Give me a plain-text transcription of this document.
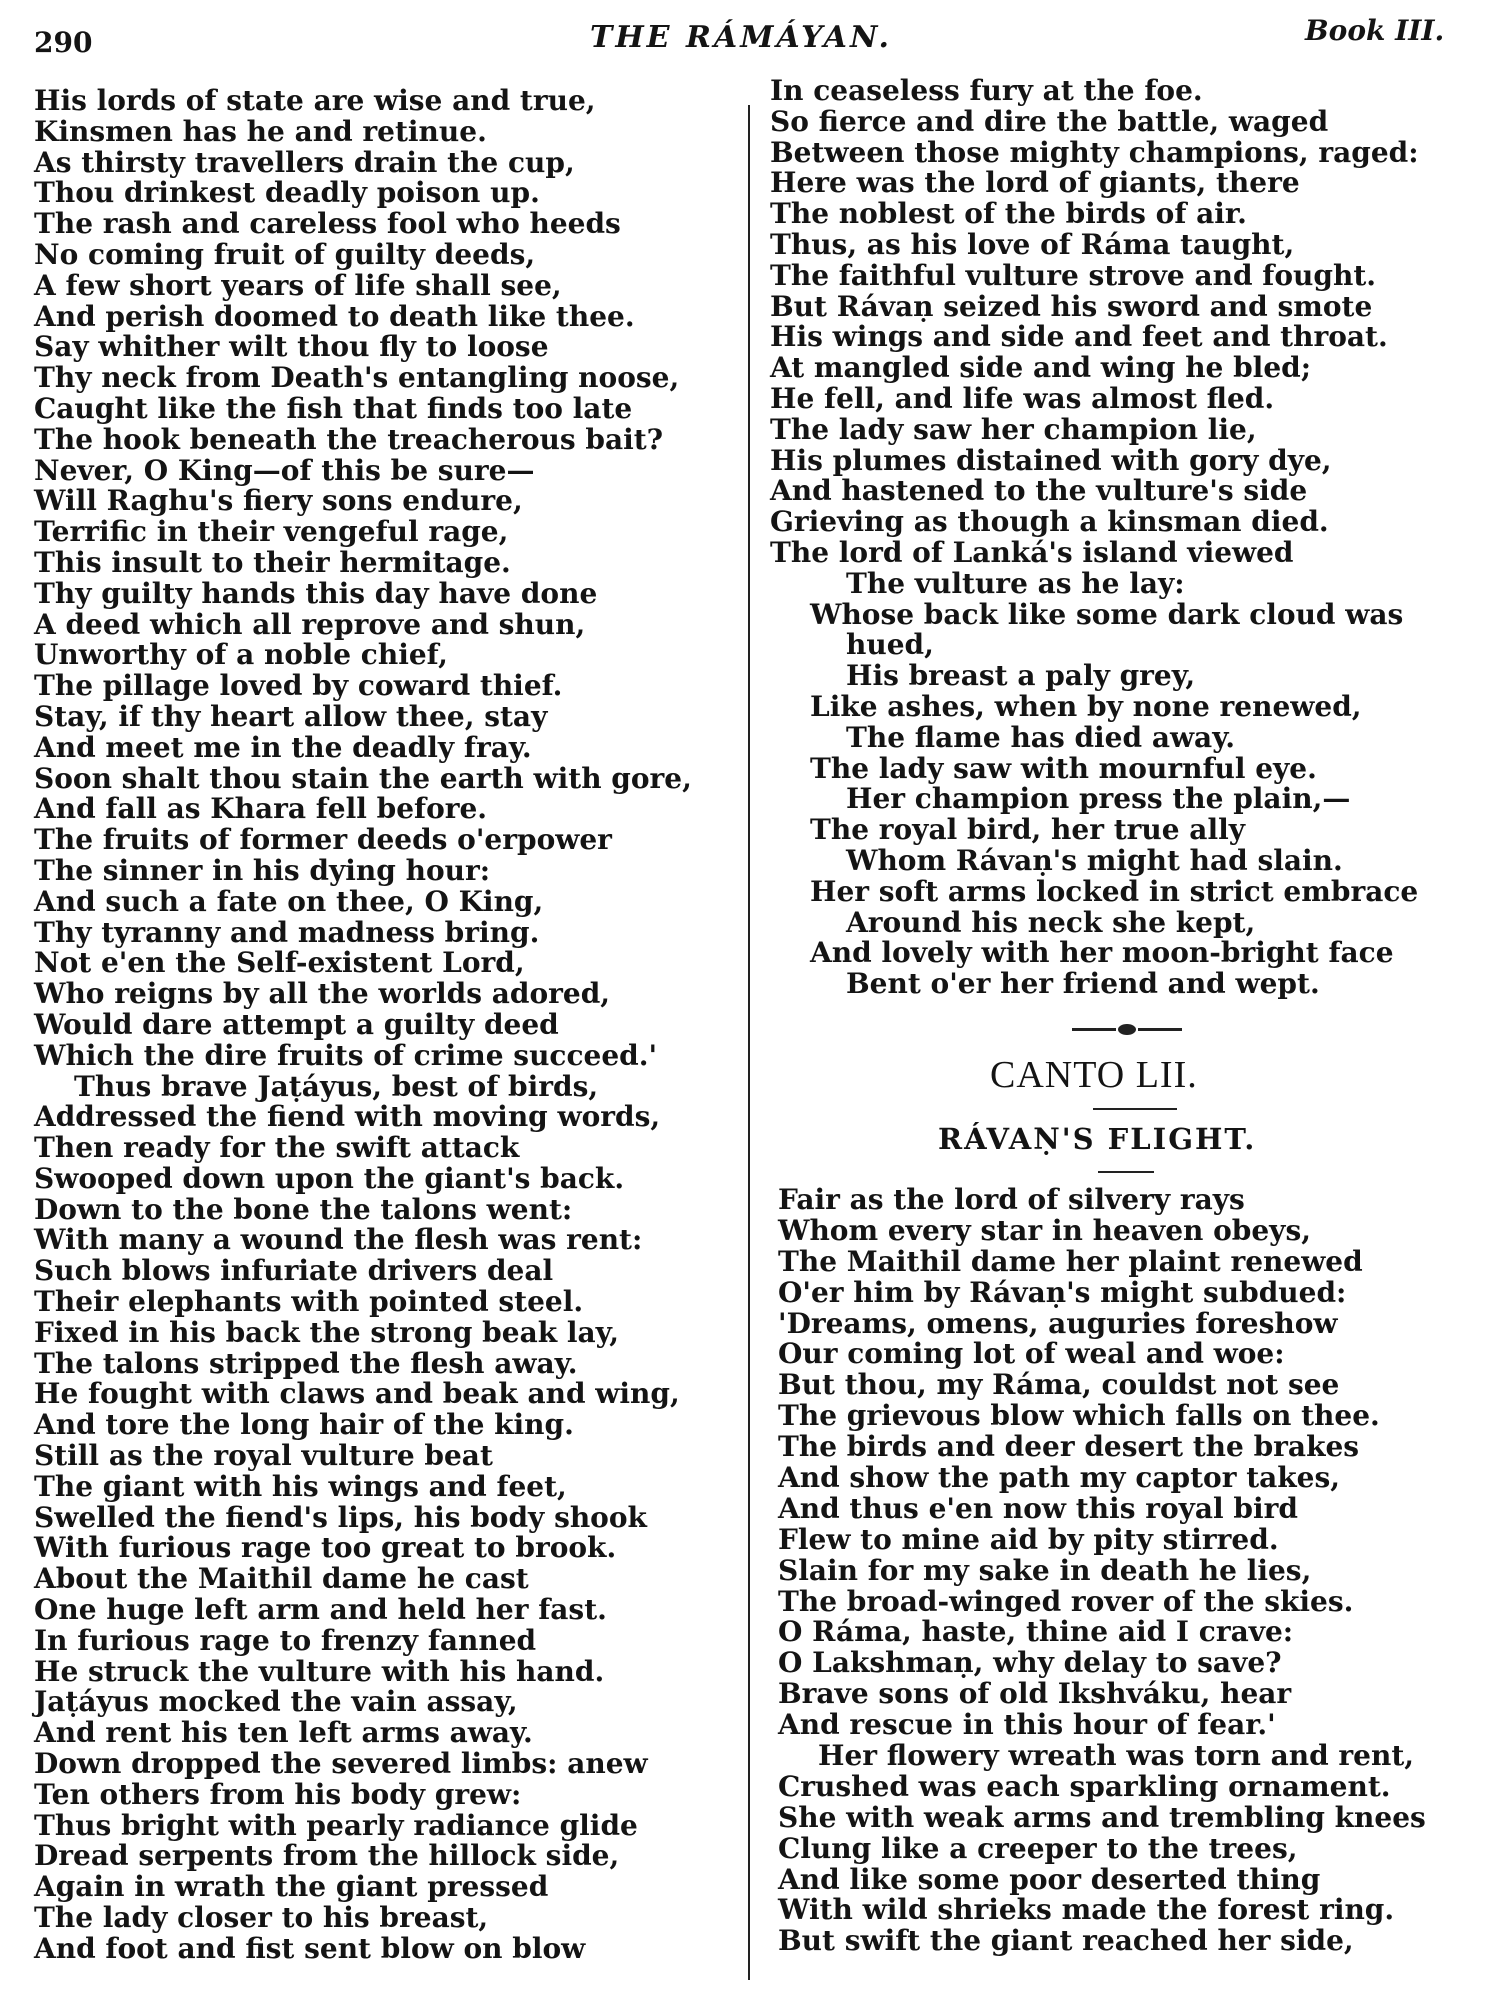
290	THE RÁMÁYAN.	Book III.
His lords of state are wise and true,
Kinsmen has he and retinue.
As thirsty travellers drain the cup,
Thou drinkest deadly poison up.
The rash and careless fool who heeds
No coming fruit of guilty deeds,
A few short years of life shall see,
And perish doomed to death like thee.
Say whither wilt thou fly to loose
Thy neck from Death's entangling noose,
Caught like the fish that finds too late
The hook beneath the treacherous bait?
Never, O King—of this be sure—
Will Raghu's fiery sons endure,
Terrific in their vengeful rage,
This insult to their hermitage.
Thy guilty hands this day have done
A deed which all reprove and shun,
Unworthy of a noble chief,
The pillage loved by coward thief.
Stay, if thy heart allow thee, stay
And meet me in the deadly fray.
Soon shalt thou stain the earth with gore,
And fall as Khara fell before.
The fruits of former deeds o'erpower
The sinner in his dying hour:
And such a fate on thee, O King,
Thy tyranny and madness bring.
Not e'en the Self-existent Lord,
Who reigns by all the worlds adored,
Would dare attempt a guilty deed
Which the dire fruits of crime succeed.'
Thus brave Jaṭáyus, best of birds,
Addressed the fiend with moving words,
Then ready for the swift attack
Swooped down upon the giant's back.
Down to the bone the talons went:
With many a wound the flesh was rent:
Such blows infuriate drivers deal
Their elephants with pointed steel.
Fixed in his back the strong beak lay,
The talons stripped the flesh away.
He fought with claws and beak and wing,
And tore the long hair of the king.
Still as the royal vulture beat
The giant with his wings and feet,
Swelled the fiend's lips, his body shook
With furious rage too great to brook.
About the Maithil dame he cast
One huge left arm and held her fast.
In furious rage to frenzy fanned
He struck the vulture with his hand.
Jaṭáyus mocked the vain assay,
And rent his ten left arms away.
Down dropped the severed limbs: anew
Ten others from his body grew:
Thus bright with pearly radiance glide
Dread serpents from the hillock side,
Again in wrath the giant pressed
The lady closer to his breast,
And foot and fist sent blow on blow
In ceaseless fury at the foe.
So fierce and dire the battle, waged
Between those mighty champions, raged:
Here was the lord of giants, there
The noblest of the birds of air.
Thus, as his love of Ráma taught,
The faithful vulture strove and fought.
But Rávaṇ seized his sword and smote
His wings and side and feet and throat.
At mangled side and wing he bled;
He fell, and life was almost fled.
The lady saw her champion lie,
His plumes distained with gory dye,
And hastened to the vulture's side
Grieving as though a kinsman died.
The lord of Lanká's island viewed
The vulture as he lay:
Whose back like some dark cloud was
hued,
His breast a paly grey,
Like ashes, when by none renewed,
The flame has died away.
The lady saw with mournful eye.
Her champion press the plain,—
The royal bird, her true ally
Whom Rávaṇ's might had slain.
Her soft arms locked in strict embrace
Around his neck she kept,
And lovely with her moon-bright face
Bent o'er her friend and wept.
CANTO LII.
RÁVAṆ'S FLIGHT.
Fair as the lord of silvery rays
Whom every star in heaven obeys,
The Maithil dame her plaint renewed
O'er him by Rávaṇ's might subdued:
'Dreams, omens, auguries foreshow
Our coming lot of weal and woe:
But thou, my Ráma, couldst not see
The grievous blow which falls on thee.
The birds and deer desert the brakes
And show the path my captor takes,
And thus e'en now this royal bird
Flew to mine aid by pity stirred.
Slain for my sake in death he lies,
The broad-winged rover of the skies.
O Ráma, haste, thine aid I crave:
O Lakshmaṇ, why delay to save?
Brave sons of old Ikshváku, hear
And rescue in this hour of fear.'
Her flowery wreath was torn and rent,
Crushed was each sparkling ornament.
She with weak arms and trembling knees
Clung like a creeper to the trees,
And like some poor deserted thing
With wild shrieks made the forest ring.
But swift the giant reached her side,
